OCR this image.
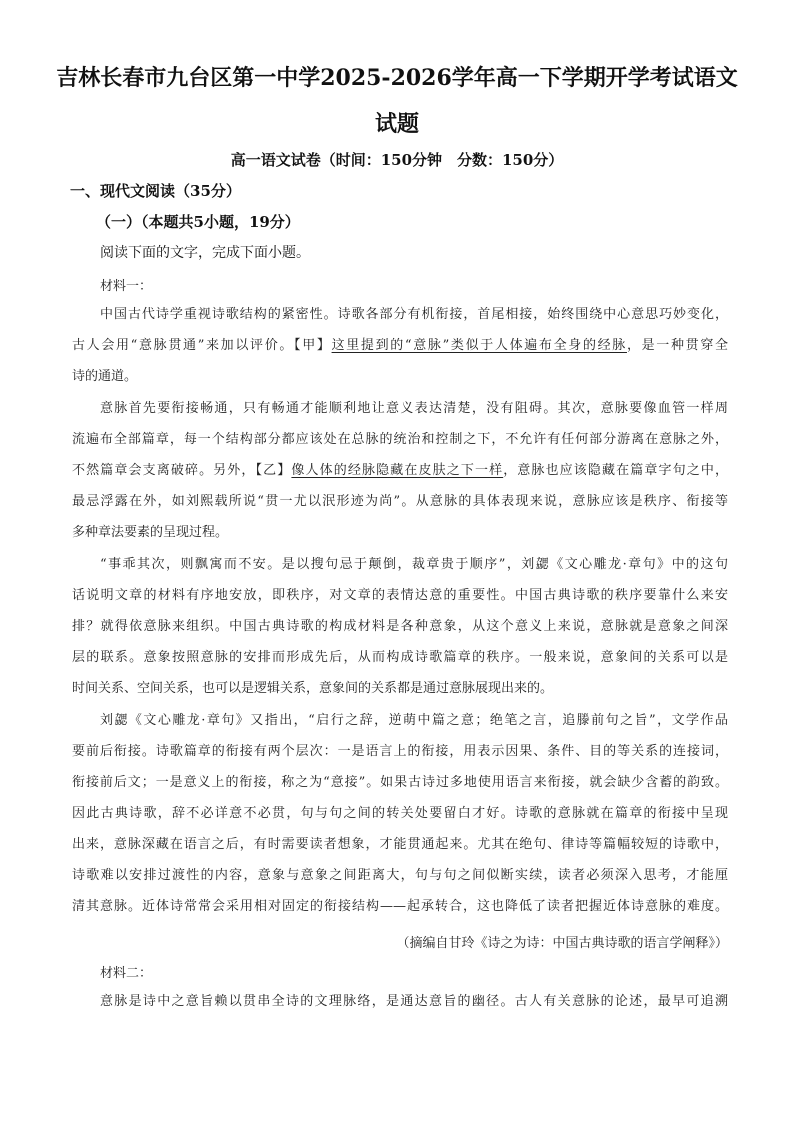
吉林长春市九台区第一中学2025-2026学年高一下学期开学考试语文
试题
高一语文试卷（时间：150分钟　分数：150分）
一、现代文阅读（35分）
（一）（本题共5小题，19分）
阅读下面的文字，完成下面小题。
材料一：
中国古代诗学重视诗歌结构的紧密性。诗歌各部分有机衔接，首尾相接，始终围绕中心意思巧妙变化，
古人会用“意脉贯通”来加以评价。【甲】这里提到的“意脉”类似于人体遍布全身的经脉，是一种贯穿全
诗的通道。
意脉首先要衔接畅通，只有畅通才能顺利地让意义表达清楚，没有阻碍。其次，意脉要像血管一样周
流遍布全部篇章，每一个结构部分都应该处在总脉的统治和控制之下，不允许有任何部分游离在意脉之外，
不然篇章会支离破碎。另外，【乙】像人体的经脉隐藏在皮肤之下一样，意脉也应该隐藏在篇章字句之中，
最忌浮露在外，如刘熙载所说“贯一尤以泯形迹为尚”。从意脉的具体表现来说，意脉应该是秩序、衔接等
多种章法要素的呈现过程。
“事乖其次，则飘寓而不安。是以搜句忌于颠倒，裁章贵于顺序”，刘勰《文心雕龙·章句》中的这句
话说明文章的材料有序地安放，即秩序，对文章的表情达意的重要性。中国古典诗歌的秩序要靠什么来安
排？就得依意脉来组织。中国古典诗歌的构成材料是各种意象，从这个意义上来说，意脉就是意象之间深
层的联系。意象按照意脉的安排而形成先后，从而构成诗歌篇章的秩序。一般来说，意象间的关系可以是
时间关系、空间关系，也可以是逻辑关系，意象间的关系都是通过意脉展现出来的。
刘勰《文心雕龙·章句》又指出，“启行之辞，逆萌中篇之意；绝笔之言，追滕前句之旨”，文学作品
要前后衔接。诗歌篇章的衔接有两个层次：一是语言上的衔接，用表示因果、条件、目的等关系的连接词，
衔接前后文；一是意义上的衔接，称之为“意接”。如果古诗过多地使用语言来衔接，就会缺少含蓄的韵致。
因此古典诗歌，辞不必详意不必贯，句与句之间的转关处要留白才好。诗歌的意脉就在篇章的衔接中呈现
出来，意脉深藏在语言之后，有时需要读者想象，才能贯通起来。尤其在绝句、律诗等篇幅较短的诗歌中，
诗歌难以安排过渡性的内容，意象与意象之间距离大，句与句之间似断实续，读者必须深入思考，才能厘
清其意脉。近体诗常常会采用相对固定的衔接结构——起承转合，这也降低了读者把握近体诗意脉的难度。
（摘编自甘玲《诗之为诗：中国古典诗歌的语言学阐释》）
材料二：
意脉是诗中之意旨赖以贯串全诗的文理脉络，是通达意旨的幽径。古人有关意脉的论述，最早可追溯
